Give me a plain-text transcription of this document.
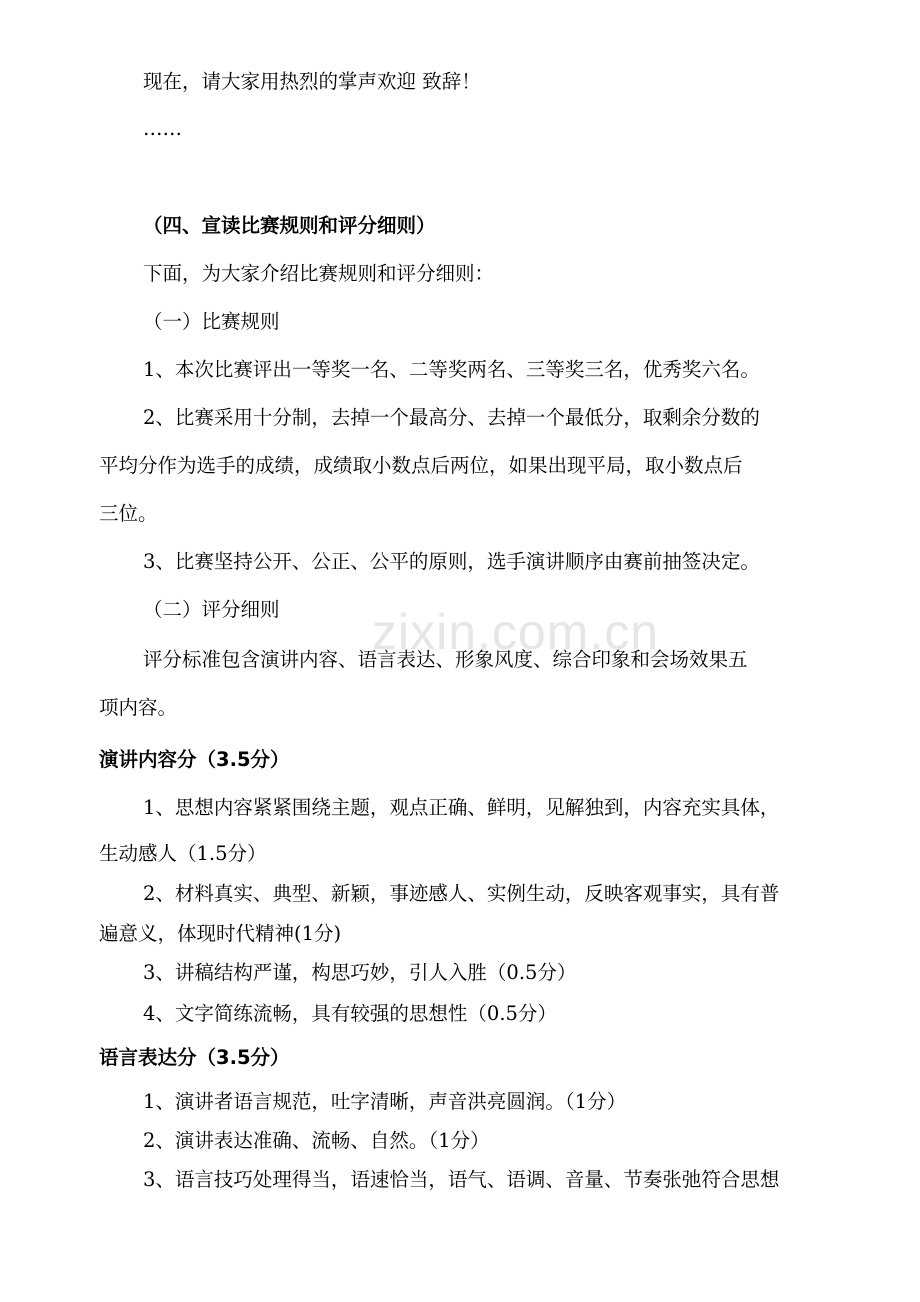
zixin.com.cn
现在，请大家用热烈的掌声欢迎 致辞！
……
（四、宣读比赛规则和评分细则）
下面，为大家介绍比赛规则和评分细则：
（一）比赛规则
1、本次比赛评出一等奖一名、二等奖两名、三等奖三名，优秀奖六名。
2、比赛采用十分制，去掉一个最高分、去掉一个最低分，取剩余分数的
平均分作为选手的成绩，成绩取小数点后两位，如果出现平局，取小数点后
三位。
3、比赛坚持公开、公正、公平的原则，选手演讲顺序由赛前抽签决定。
（二）评分细则
评分标准包含演讲内容、语言表达、形象风度、综合印象和会场效果五
项内容。
演讲内容分（3.5分）
1、思想内容紧紧围绕主题，观点正确、鲜明，见解独到，内容充实具体，
生动感人（1.5分）
2、材料真实、典型、新颖，事迹感人、实例生动，反映客观事实，具有普
遍意义，体现时代精神(1分)
3、讲稿结构严谨，构思巧妙，引人入胜（0.5分）
4、文字简练流畅，具有较强的思想性（0.5分）
语言表达分（3.5分）
1、演讲者语言规范，吐字清晰，声音洪亮圆润。（1分）
2、演讲表达准确、流畅、自然。（1分）
3、语言技巧处理得当，语速恰当，语气、语调、音量、节奏张弛符合思想
